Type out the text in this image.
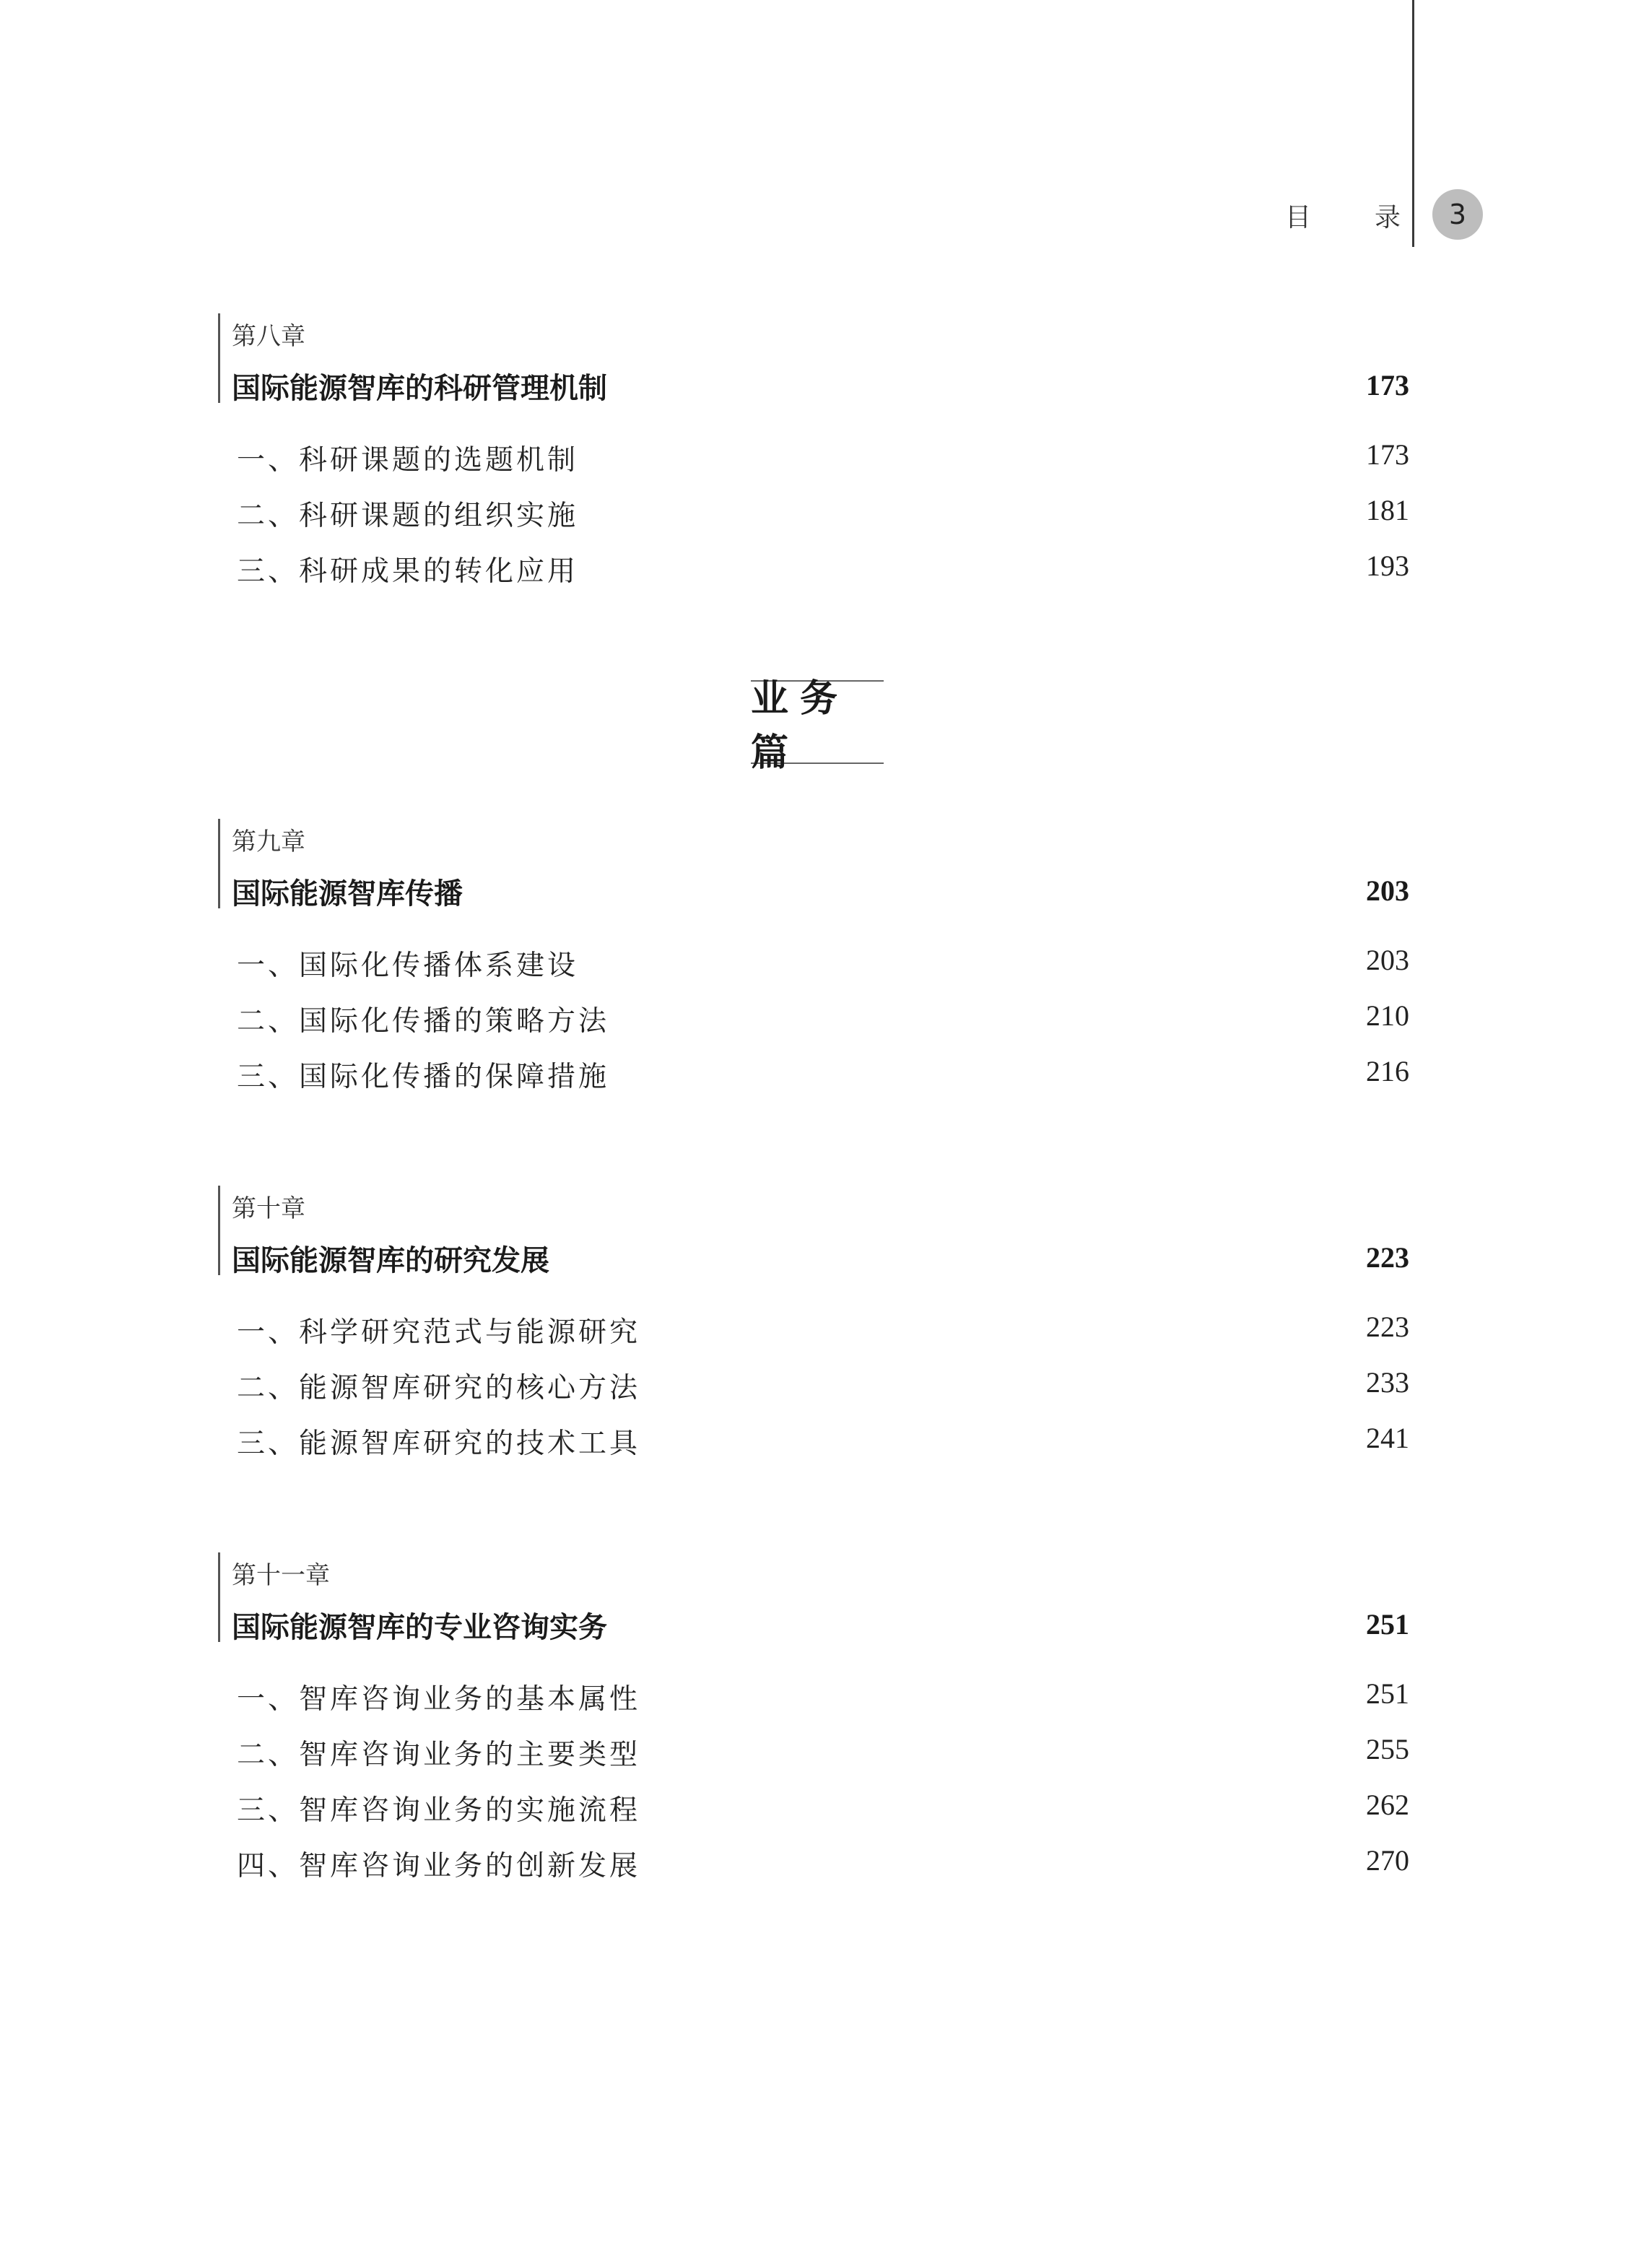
目 录	3
第八章
国际能源智库的科研管理机制	173
一、科研课题的选题机制	173
二、科研课题的组织实施	181
三、科研成果的转化应用	193
业务篇
第九章
国际能源智库传播	203
一、国际化传播体系建设	203
二、国际化传播的策略方法	210
三、国际化传播的保障措施	216
第十章
国际能源智库的研究发展	223
一、科学研究范式与能源研究	223
二、能源智库研究的核心方法	233
三、能源智库研究的技术工具	241
第十一章
国际能源智库的专业咨询实务	251
一、智库咨询业务的基本属性	251
二、智库咨询业务的主要类型	255
三、智库咨询业务的实施流程	262
四、智库咨询业务的创新发展	270
